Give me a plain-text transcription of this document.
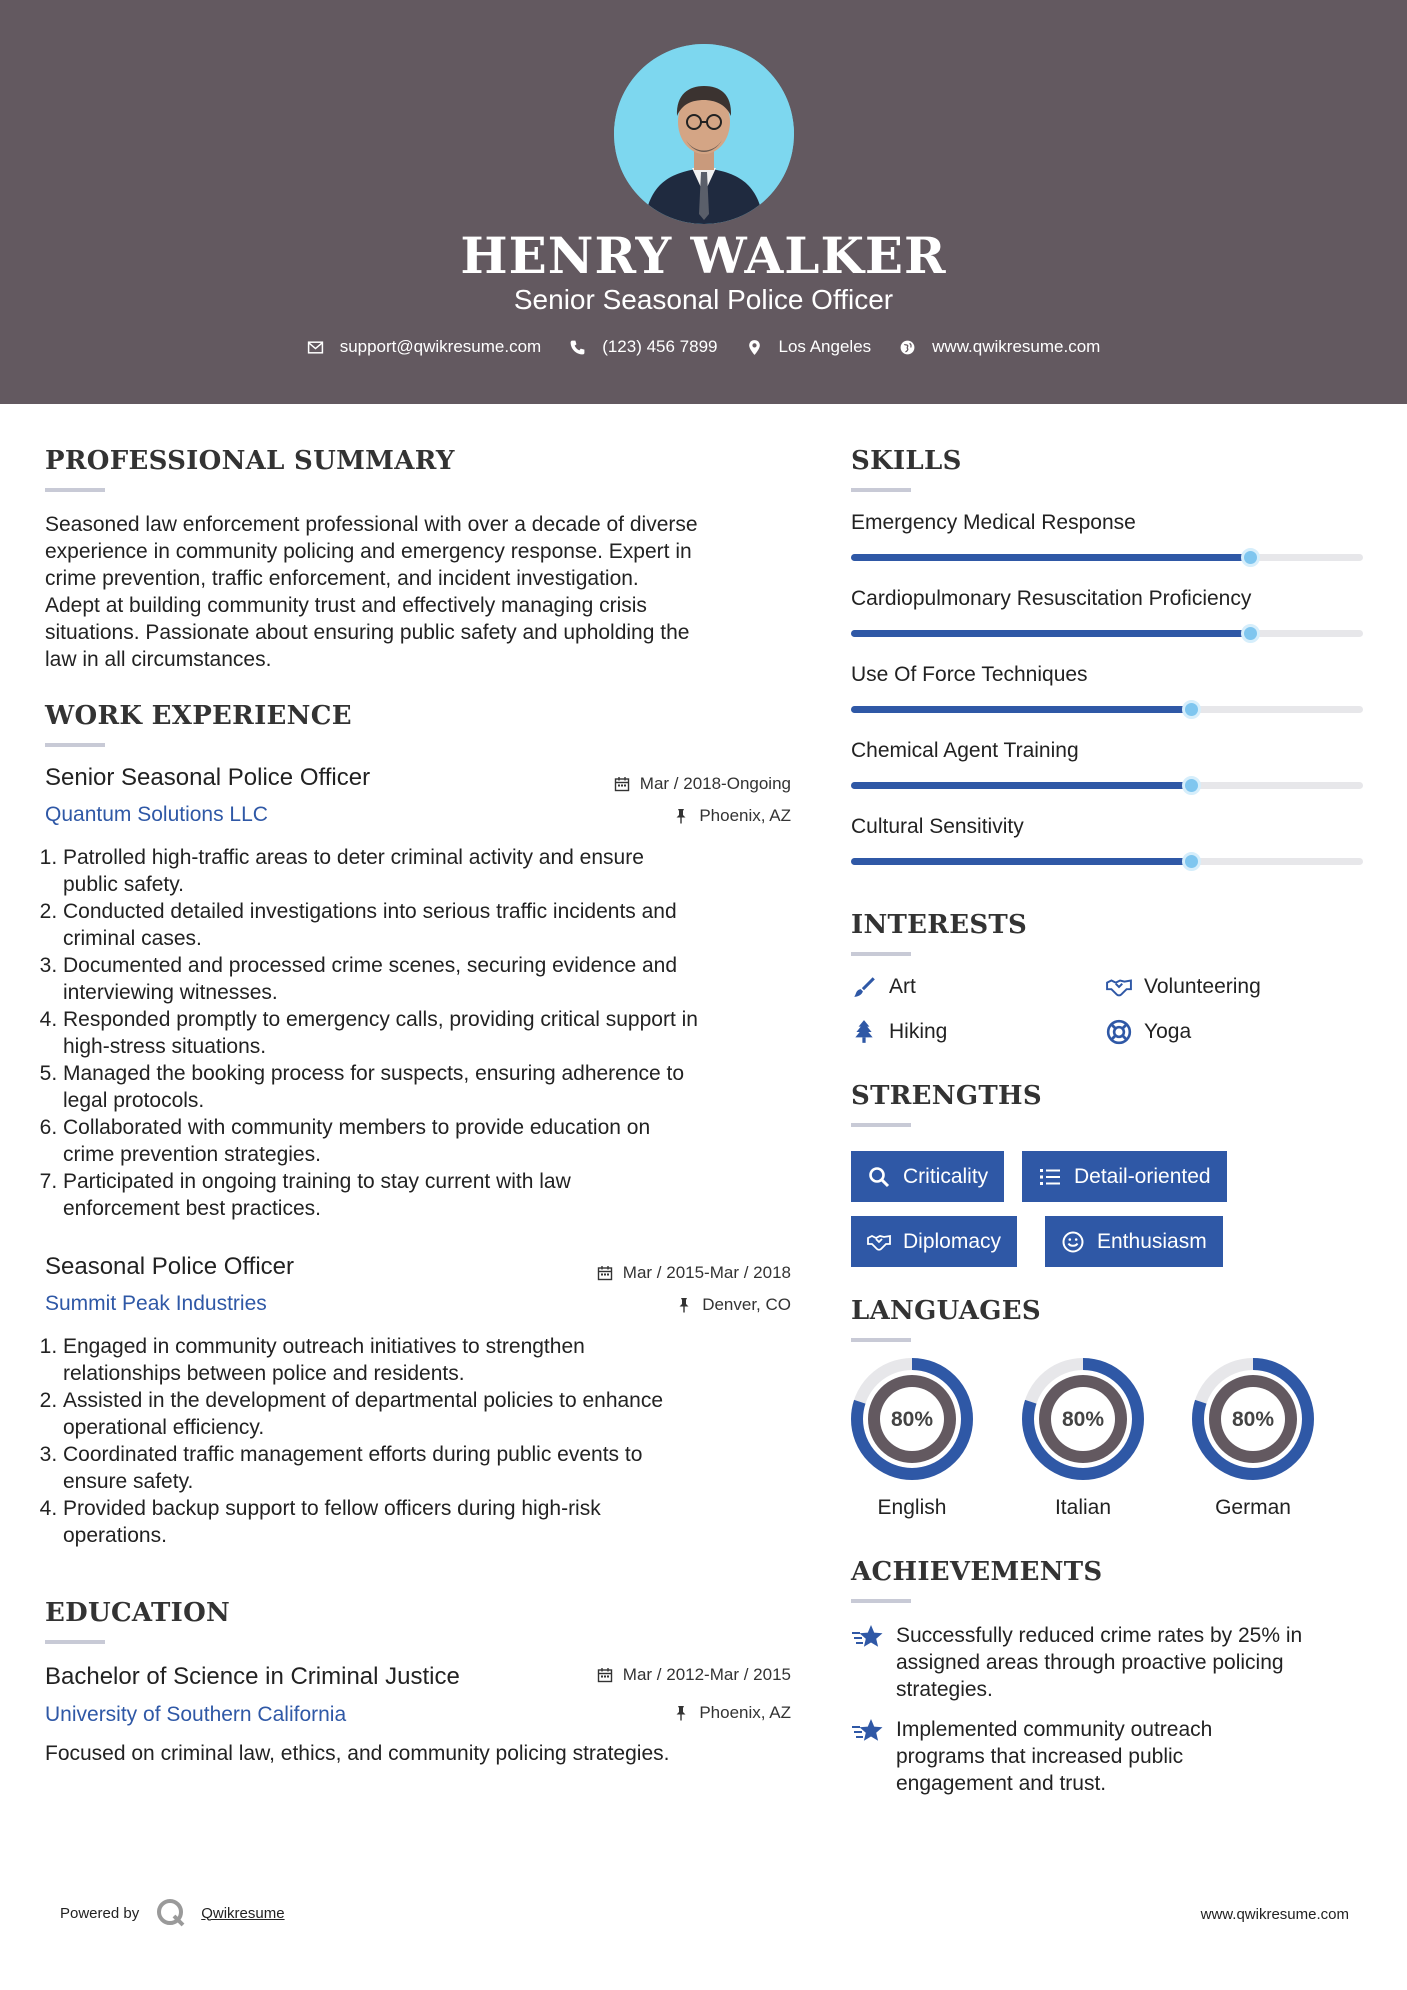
HENRY WALKER
Senior Seasonal Police Officer
support@qwikresume.com	(123) 456 7899	Los Angeles	www.qwikresume.com
PROFESSIONAL SUMMARY
Seasoned law enforcement professional with over a decade of diverse
experience in community policing and emergency response. Expert in
crime prevention, traffic enforcement, and incident investigation.
Adept at building community trust and effectively managing crisis
situations. Passionate about ensuring public safety and upholding the
law in all circumstances.
WORK EXPERIENCE
Senior Seasonal Police Officer
Quantum Solutions LLC
Mar / 2018-Ongoing
Phoenix, AZ
1. Patrolled high-traffic areas to deter criminal activity and ensure
public safety.
2. Conducted detailed investigations into serious traffic incidents and
criminal cases.
3. Documented and processed crime scenes, securing evidence and
interviewing witnesses.
4. Responded promptly to emergency calls, providing critical support in
high-stress situations.
5. Managed the booking process for suspects, ensuring adherence to
legal protocols.
6. Collaborated with community members to provide education on
crime prevention strategies.
7. Participated in ongoing training to stay current with law
enforcement best practices.
Seasonal Police Officer
Summit Peak Industries
Mar / 2015-Mar / 2018
Denver, CO
1. Engaged in community outreach initiatives to strengthen
relationships between police and residents.
2. Assisted in the development of departmental policies to enhance
operational efficiency.
3. Coordinated traffic management efforts during public events to
ensure safety.
4. Provided backup support to fellow officers during high-risk
operations.
EDUCATION
Bachelor of Science in Criminal Justice
University of Southern California
Mar / 2012-Mar / 2015
Phoenix, AZ
Focused on criminal law, ethics, and community policing strategies.
SKILLS
Emergency Medical Response
Cardiopulmonary Resuscitation Proficiency
Use Of Force Techniques
Chemical Agent Training
Cultural Sensitivity
INTERESTS
Art	Volunteering
Hiking	Yoga
STRENGTHS
Criticality	Detail-oriented
Diplomacy	Enthusiasm
LANGUAGES
80%
English
80%
Italian
80%
German
ACHIEVEMENTS
Successfully reduced crime rates by 25% in
assigned areas through proactive policing
strategies.
Implemented community outreach
programs that increased public
engagement and trust.
Powered by	Qwikresume	www.qwikresume.com
